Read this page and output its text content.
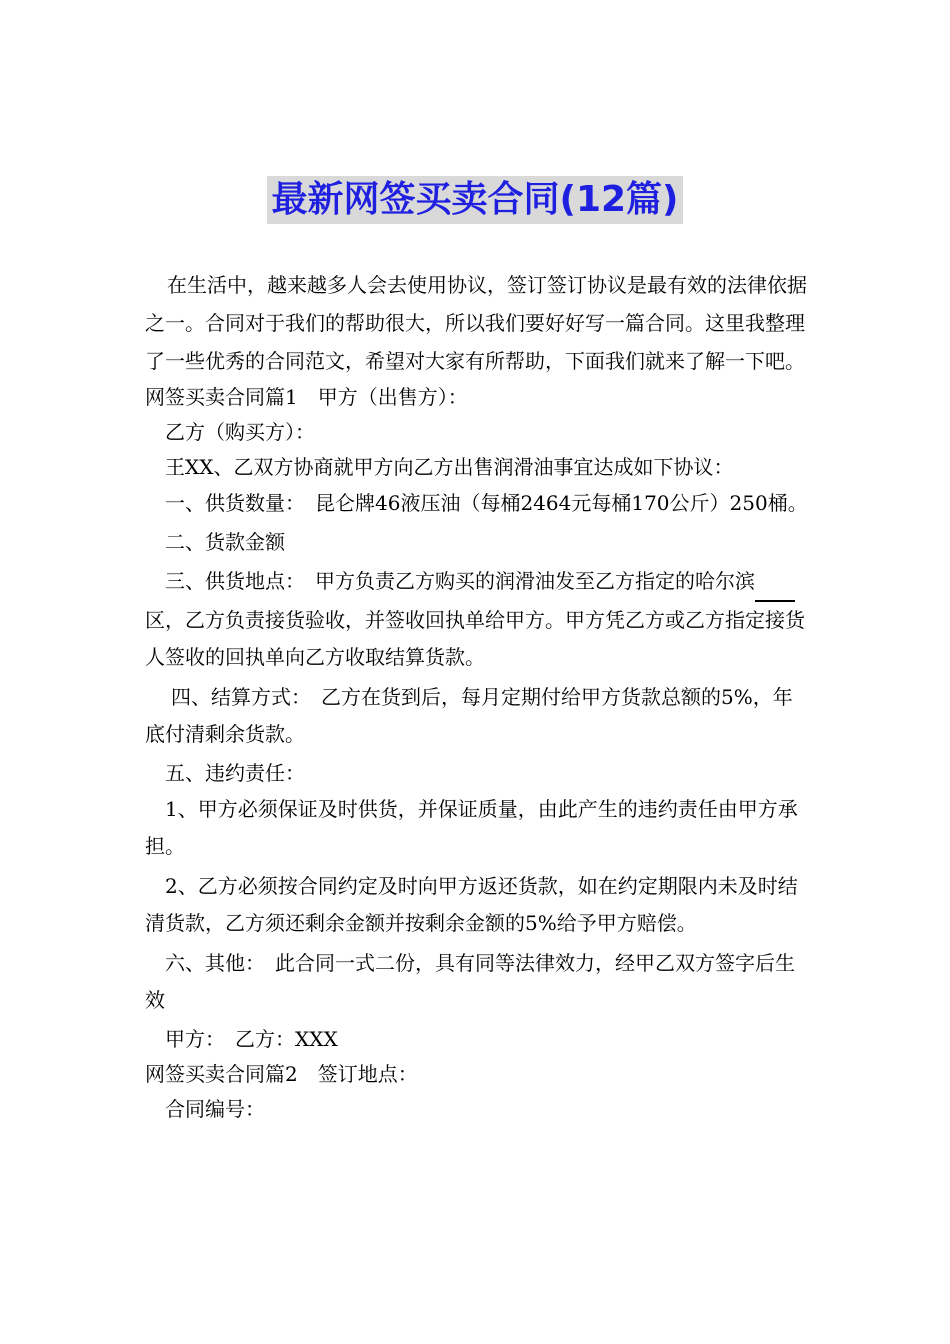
最新网签买卖合同(12篇)

在生活中，越来越多人会去使用协议，签订签订协议是最有效的法律依据之一。合同对于我们的帮助很大，所以我们要好好写一篇合同。这里我整理了一些优秀的合同范文，希望对大家有所帮助，下面我们就来了解一下吧。

网签买卖合同篇1　甲方（出售方）：

乙方（购买方）：

王XX、乙双方协商就甲方向乙方出售润滑油事宜达成如下协议：

一、供货数量：　昆仑牌46液压油（每桶2464元每桶170公斤）250桶。

二、货款金额

三、供货地点：　甲方负责乙方购买的润滑油发至乙方指定的哈尔滨 区，乙方负责接货验收，并签收回执单给甲方。甲方凭乙方或乙方指定接货人签收的回执单向乙方收取结算货款。

四、结算方式：　乙方在货到后，每月定期付给甲方货款总额的5%，年底付清剩余货款。

五、违约责任：

1、甲方必须保证及时供货，并保证质量，由此产生的违约责任由甲方承担。

2、乙方必须按合同约定及时向甲方返还货款，如在约定期限内未及时结清货款，乙方须还剩余金额并按剩余金额的5%给予甲方赔偿。

六、其他：　此合同一式二份，具有同等法律效力，经甲乙双方签字后生效

甲方：　乙方：XXX

网签买卖合同篇2　签订地点：

合同编号：
